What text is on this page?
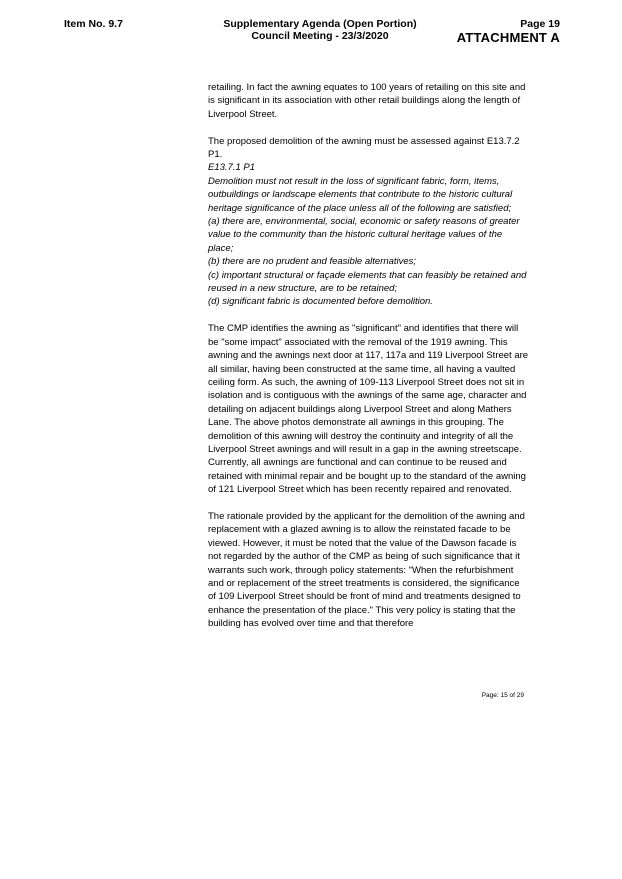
Item No. 9.7	Supplementary Agenda (Open Portion)
Council Meeting - 23/3/2020
Page 19
ATTACHMENT A

retailing. In fact the awning equates to 100 years of retailing on this site and is significant in its association with other retail buildings along the length of Liverpool Street.

The proposed demolition of the awning must be assessed against E13.7.2 P1.
E13.7.1 P1
Demolition must not result in the loss of significant fabric, form, items, outbuildings or landscape elements that contribute to the historic cultural heritage significance of the place unless all of the following are satisfied;
(a) there are, environmental, social, economic or safety reasons of greater value to the community than the historic cultural heritage values of the place;
(b) there are no prudent and feasible alternatives;
(c) important structural or façade elements that can feasibly be retained and reused in a new structure, are to be retained;
(d) significant fabric is documented before demolition.

The CMP identifies the awning as "significant" and identifies that there will be "some impact" associated with the removal of the 1919 awning. This awning and the awnings next door at 117, 117a and 119 Liverpool Street are all similar, having been constructed at the same time, all having a vaulted ceiling form. As such, the awning of 109-113 Liverpool Street does not sit in isolation and is contiguous with the awnings of the same age, character and detailing on adjacent buildings along Liverpool Street and along Mathers Lane. The above photos demonstrate all awnings in this grouping. The demolition of this awning will destroy the continuity and integrity of all the Liverpool Street awnings and will result in a gap in the awning streetscape. Currently, all awnings are functional and can continue to be reused and retained with minimal repair and be bought up to the standard of the awning of 121 Liverpool Street which has been recently repaired and renovated.

The rationale provided by the applicant for the demolition of the awning and replacement with a glazed awning is to allow the reinstated facade to be viewed. However, it must be noted that the value of the Dawson facade is not regarded by the author of the CMP as being of such significance that it warrants such work, through policy statements: "When the refurbishment and or replacement of the street treatments is considered, the significance of 109 Liverpool Street should be front of mind and treatments designed to enhance the presentation of the place." This very policy is stating that the building has evolved over time and that therefore

Page: 15 of 29
